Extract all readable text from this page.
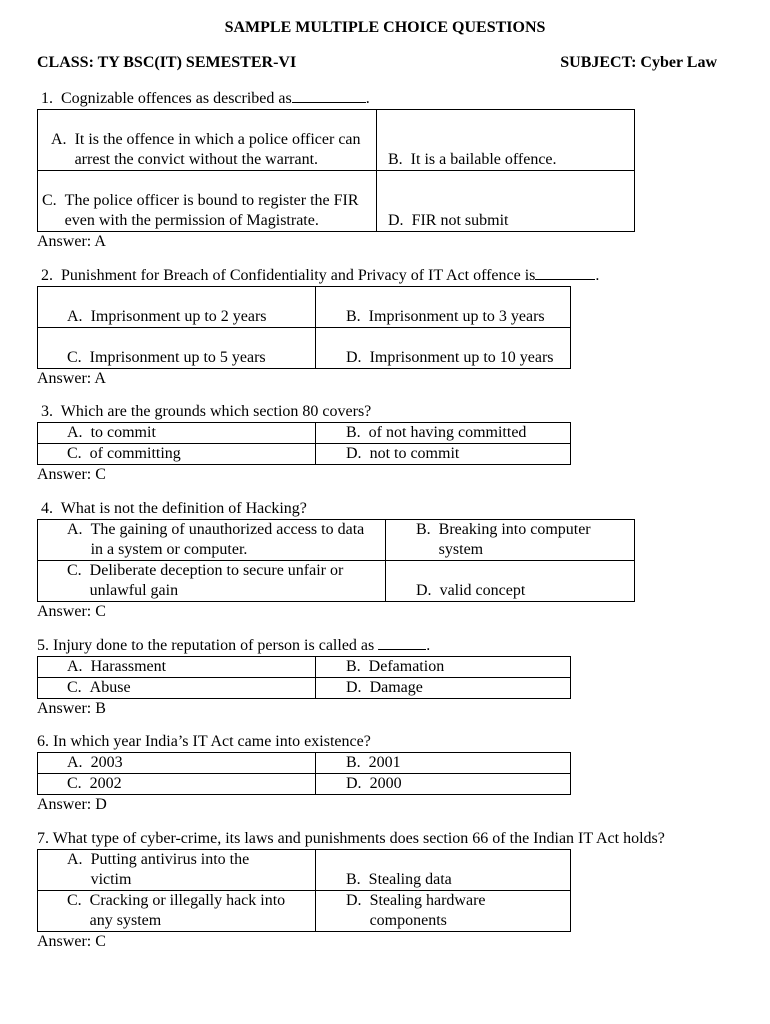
SAMPLE MULTIPLE CHOICE QUESTIONS
CLASS: TY BSC(IT) SEMESTER-VI	SUBJECT: Cyber Law

1. Cognizable offences as described as	.

A. It is the offence in which a police officer can arrest the convict without the warrant.	B. It is a bailable offence.

C. The police officer is bound to register the FIR even with the permission of Magistrate.	D. FIR not submit

Answer: A

2. Punishment for Breach of Confidentiality and Privacy of IT Act offence is	.

A. Imprisonment up to 2 years	B. Imprisonment up to 3 years

C. Imprisonment up to 5 years	D. Imprisonment up to 10 years

Answer: A

3. Which are the grounds which section 80 covers?

A. to commit	B. of not having committed

C. of committing	D. not to commit

Answer: C

4. What is not the definition of Hacking?

A. The gaining of unauthorized access to data in a system or computer.	B. Breaking into computer system

C. Deliberate deception to secure unfair or unlawful gain	D. valid concept

Answer: C

5. Injury done to the reputation of person is called as	.

A. Harassment	B. Defamation

C. Abuse	D. Damage

Answer: B

6. In which year India’s IT Act came into existence?

A. 2003	B. 2001

C. 2002	D. 2000

Answer: D

7. What type of cyber-crime, its laws and punishments does section 66 of the Indian IT Act holds?

A. Putting antivirus into the victim	B. Stealing data

C. Cracking or illegally hack into any system	D. Stealing hardware components

Answer: C
